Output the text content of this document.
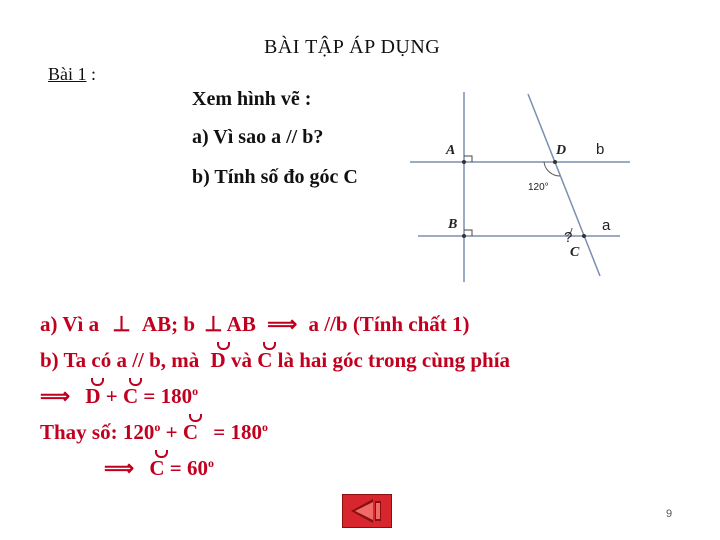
BÀI TẬP ÁP DỤNG
Bài 1 :
Xem hình vẽ :
a) Vì sao a // b?
b) Tính số đo góc C
A
B
D
C
b
a
120°
?
a) Vì a ⊥ AB; b ⊥ AB ⟹ a //b (Tính chất 1)
b) Ta có a // b, mà D và C là hai góc trong cùng phía
⟹ $D + C = 180^o$
Thay số: $120^o + C = 180^o$
⟹ $C = 60^o$
9
